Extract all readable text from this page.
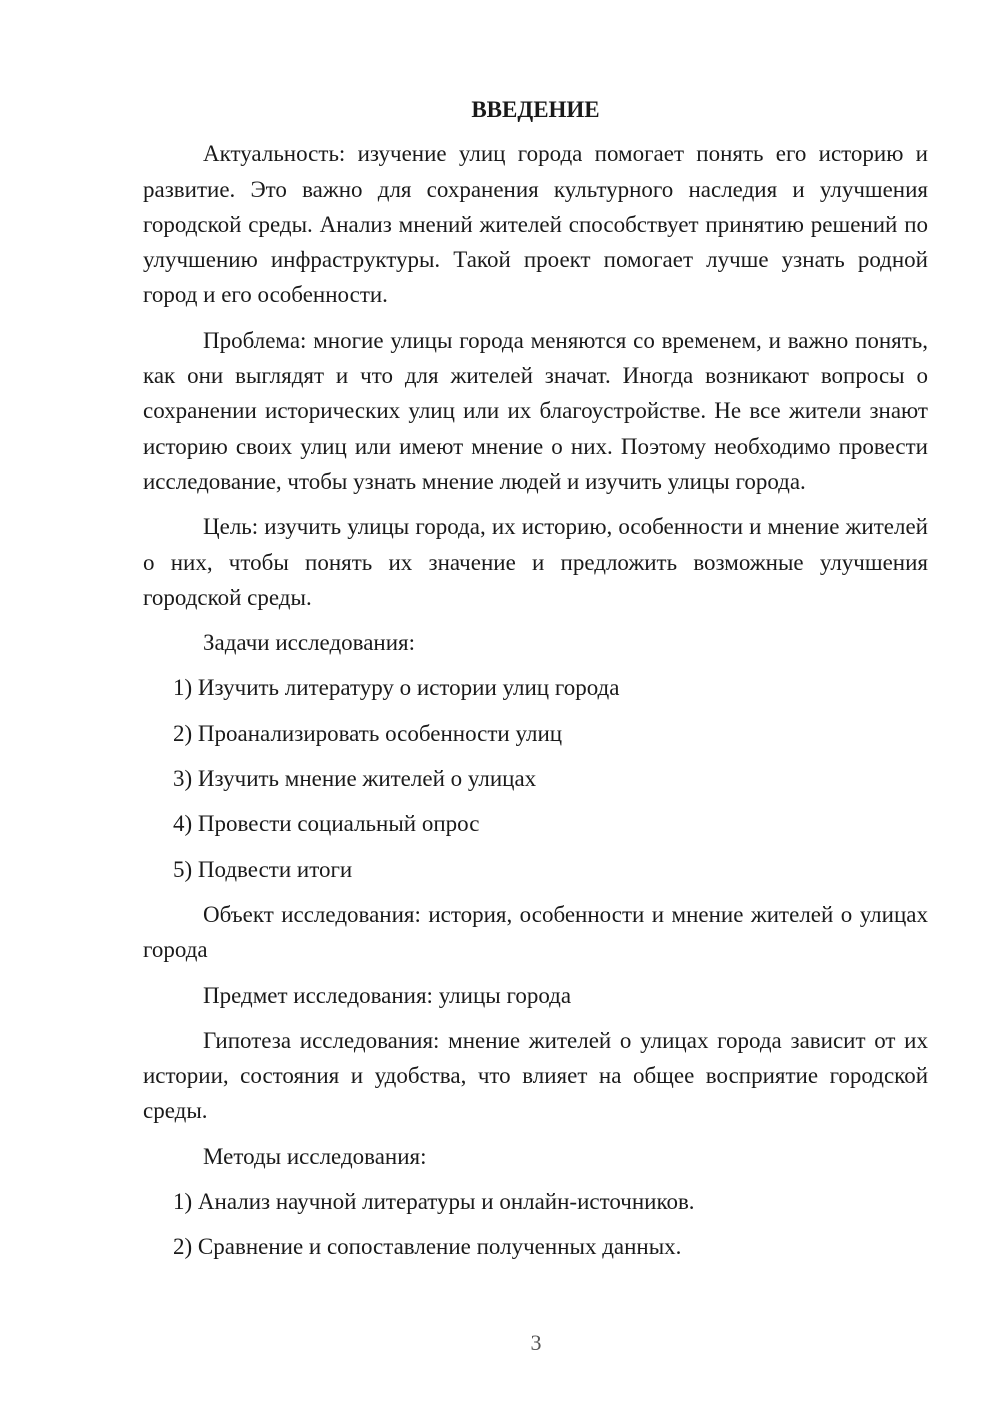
ВВЕДЕНИЕ
Актуальность: изучение улиц города помогает понять его историю и развитие. Это важно для сохранения культурного наследия и улучшения городской среды. Анализ мнений жителей способствует принятию решений по улучшению инфраструктуры. Такой проект помогает лучше узнать родной город и его особенности.
Проблема: многие улицы города меняются со временем, и важно понять, как они выглядят и что для жителей значат. Иногда возникают вопросы о сохранении исторических улиц или их благоустройстве. Не все жители знают историю своих улиц или имеют мнение о них. Поэтому необходимо провести исследование, чтобы узнать мнение людей и изучить улицы города.
Цель: изучить улицы города, их историю, особенности и мнение жителей о них, чтобы понять их значение и предложить возможные улучшения городской среды.
Задачи исследования:
1) Изучить литературу о истории улиц города
2) Проанализировать особенности улиц
3) Изучить мнение жителей о улицах
4) Провести социальный опрос
5) Подвести итоги
Объект исследования: история, особенности и мнение жителей о улицах города
Предмет исследования: улицы города
Гипотеза исследования: мнение жителей о улицах города зависит от их истории, состояния и удобства, что влияет на общее восприятие городской среды.
Методы исследования:
1) Анализ научной литературы и онлайн-источников.
2) Сравнение и сопоставление полученных данных.
3
